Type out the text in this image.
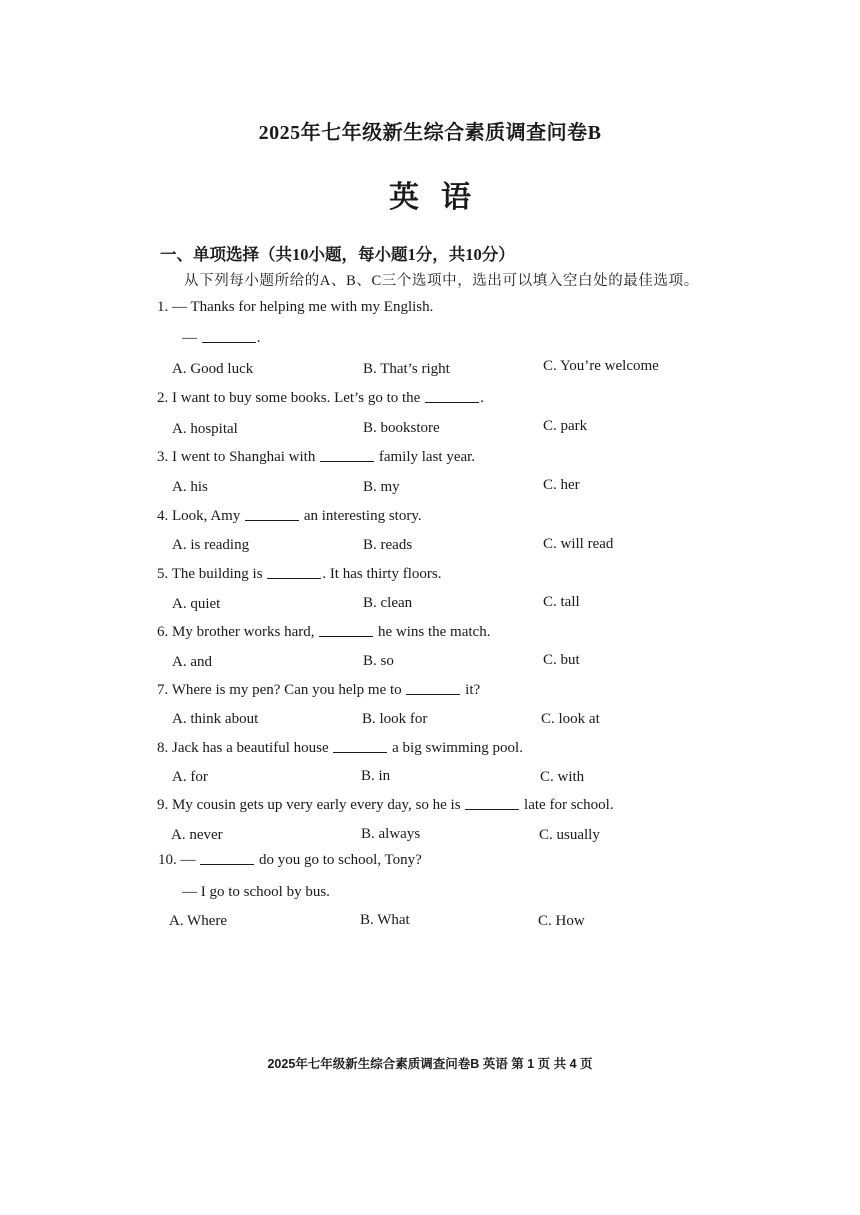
2025年七年级新生综合素质调查问卷B
英语
一、单项选择（共10小题，每小题1分，共10分）
从下列每小题所给的A、B、C三个选项中，选出可以填入空白处的最佳选项。
1. — Thanks for helping me with my English.
—	.
A. Good luck	B. That’s right	C. You’re welcome
2. I want to buy some books. Let’s go to the	.
A. hospital	B. bookstore	C. park
3. I went to Shanghai with	family last year.
A. his	B. my	C. her
4. Look, Amy	an interesting story.
A. is reading	B. reads	C. will read
5. The building is	. It has thirty floors.
A. quiet	B. clean	C. tall
6. My brother works hard,	he wins the match.
A. and	B. so	C. but
7. Where is my pen? Can you help me to	it?
A. think about	B. look for	C. look at
8. Jack has a beautiful house	a big swimming pool.
A. for	B. in	C. with
9. My cousin gets up very early every day, so he is	late for school.
A. never	B. always	C. usually
10. —	do you go to school, Tony?
— I go to school by bus.
A. Where	B. What	C. How
2025年七年级新生综合素质调查问卷B 英语 第 1 页 共 4 页
